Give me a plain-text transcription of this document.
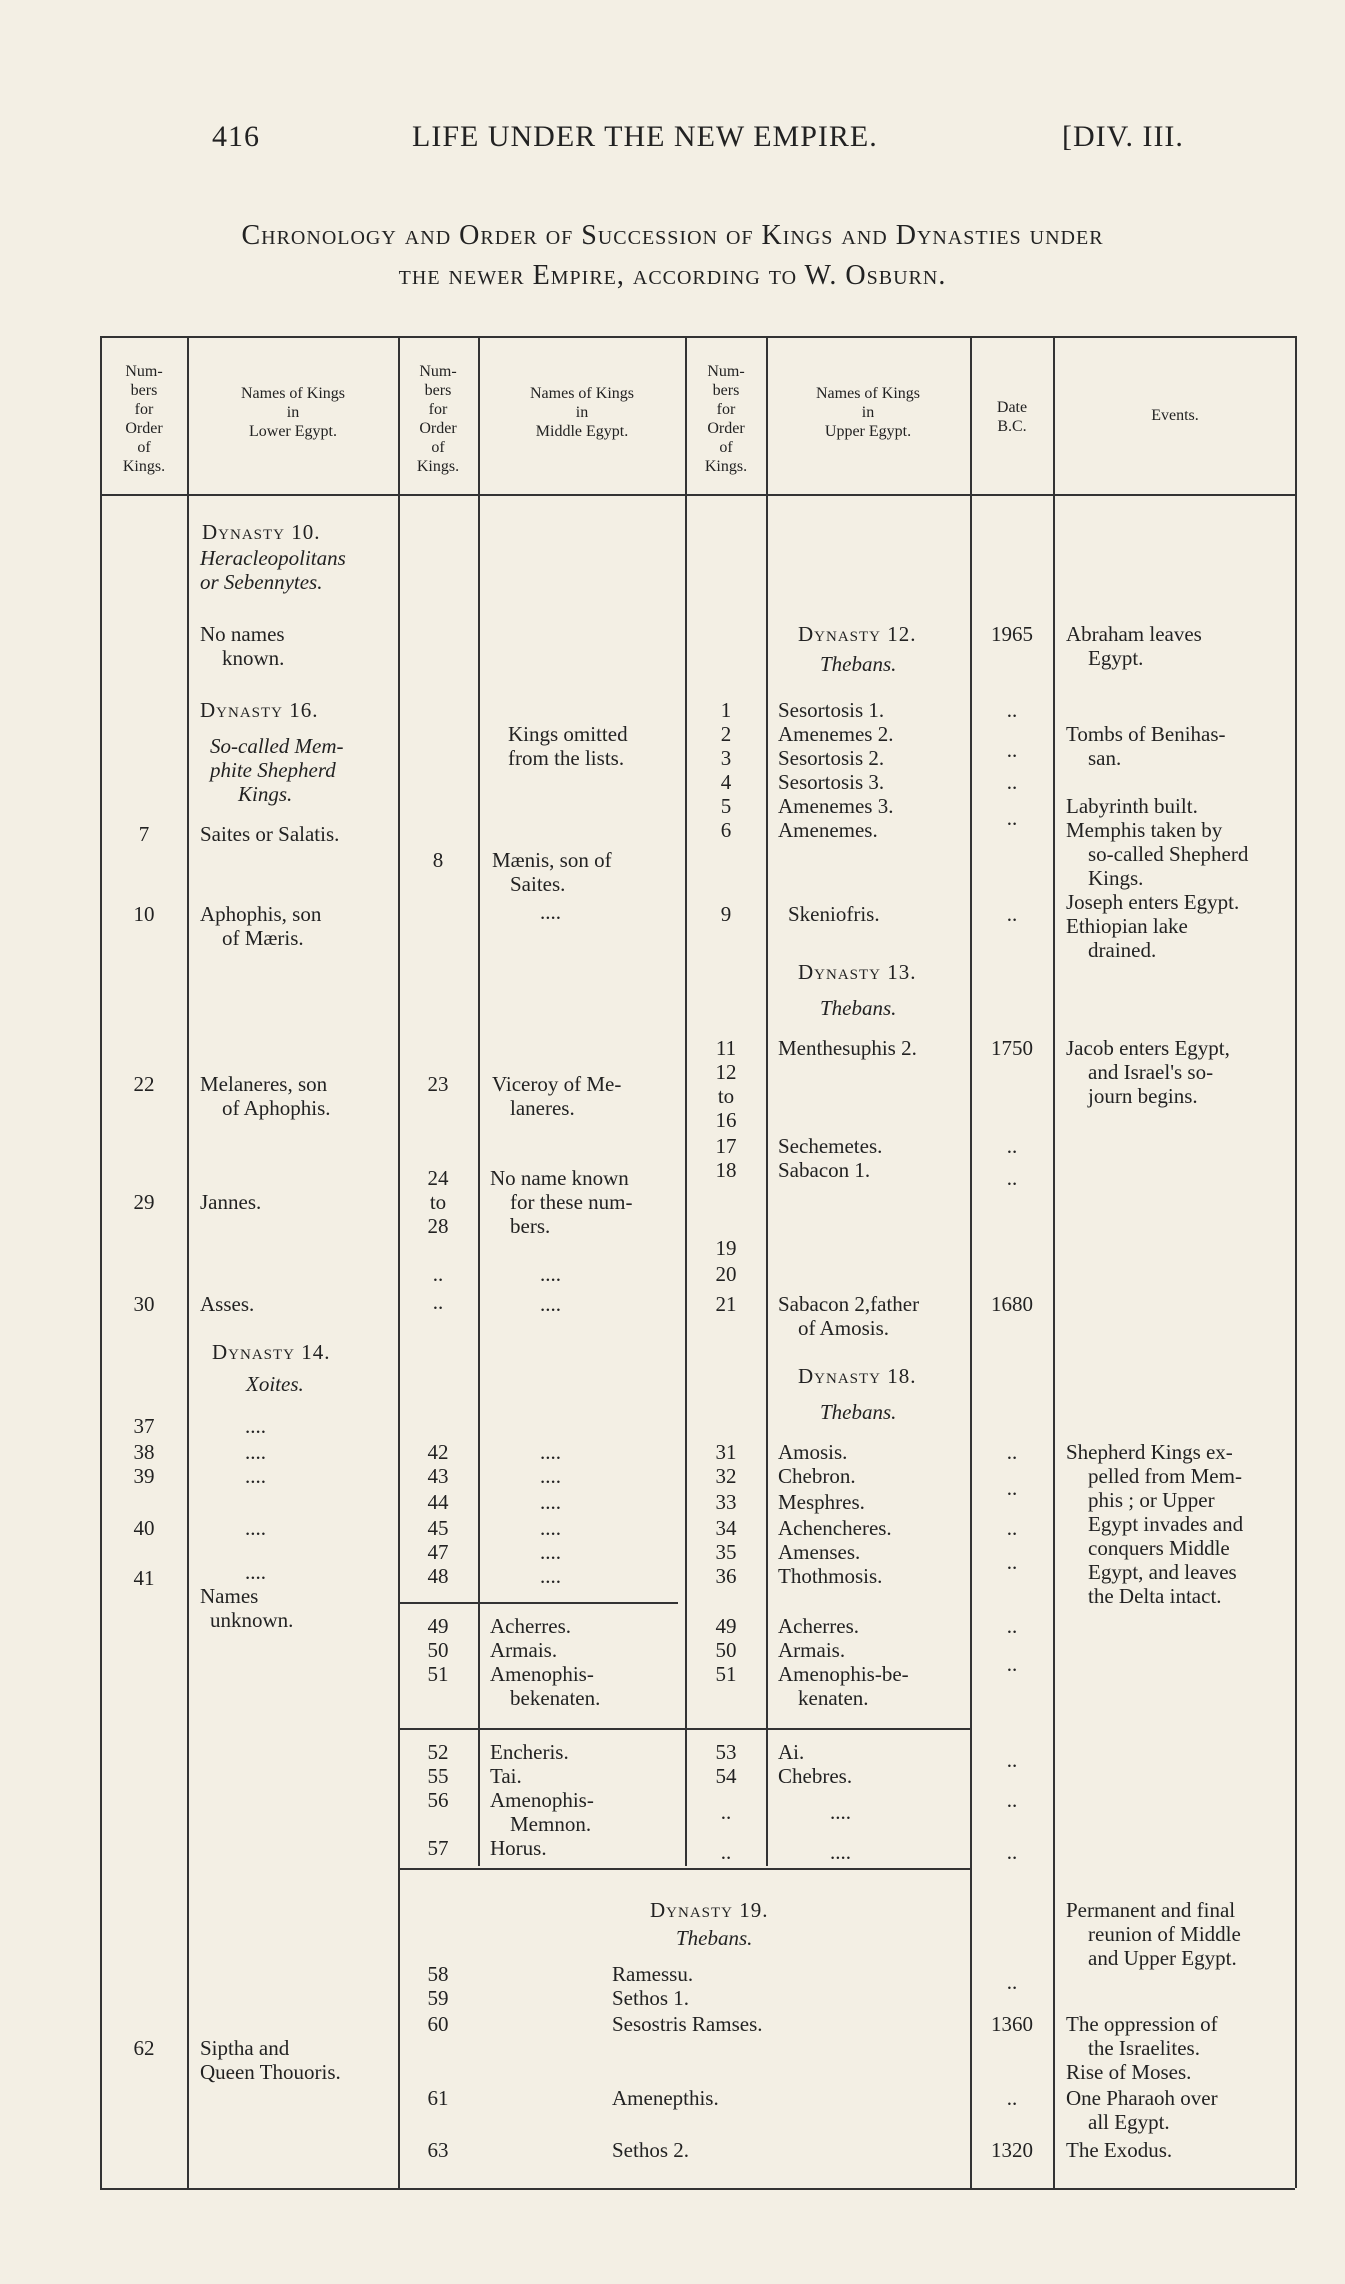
416	LIFE UNDER THE NEW EMPIRE.	[DIV. III.
Chronology and Order of Succession of Kings and Dynasties under
the newer Empire, according to W. Osburn.
Num-
bers
for
Order
of
Kings.
Names of Kings
in
Lower Egypt.
Num-
bers
for
Order
of
Kings.
Names of Kings
in
Middle Egypt.
Num-
bers
for
Order
of
Kings.
Names of Kings
in
Upper Egypt.
Date
B.C.
Events.
Dynasty 10.
Heracleopolitans
or Sebennytes.
No names
known.
Dynasty 16.
So-called Mem-
phite Shepherd
Kings.
Saites or Salatis.
Aphophis, son
of Mæris.
Melaneres, son
of Aphophis.
Jannes.
Asses.
Dynasty 14.
Xoites.
....
....
....
....
....
Names
unknown.
Siptha and
Queen Thouoris.
7
10
22
29
30
37
38
39
40
41
62
8
23
24
to
28
..
..
42
43
44
45
47
48
49
50
51
52
55
56
57
58
59
60
61
63
Kings omitted
from the lists.
Mænis, son of
Saites.
....
Viceroy of Me-
laneres.
No name known
for these num-
bers.
....
....
....
....
....
....
....
....
Acherres.
Armais.
Amenophis-
bekenaten.
Encheris.
Tai.
Amenophis-
Memnon.
Horus.
1
2
3
4
5
6
9
11
12
to
16
17
18
19
20
21
31
32
33
34
35
36
49
50
51
53
54
..
..
Dynasty 12.
Thebans.
Sesortosis 1.
Amenemes 2.
Sesortosis 2.
Sesortosis 3.
Amenemes 3.
Amenemes.
Skeniofris.
Dynasty 13.
Thebans.
Menthesuphis 2.
Sechemetes.
Sabacon 1.
Sabacon 2,father
of Amosis.
Dynasty 18.
Thebans.
Amosis.
Chebron.
Mesphres.
Achencheres.
Amenses.
Thothmosis.
Acherres.
Armais.
Amenophis-be-
kenaten.
Ai.
Chebres.
....
....
Dynasty 19.
Thebans.
Ramessu.
Sethos 1.
Sesostris Ramses.
Amenepthis.
Sethos 2.
1965
..
..
..
..
..
1750
..
..
1680
..
..
..
..
..
..
..
..
..
..
1360
..
1320
Abraham leaves
Egypt.
Tombs of Benihas-
san.
Labyrinth built.
Memphis taken by
so-called Shepherd
Kings.
Joseph enters Egypt.
Ethiopian lake
drained.
Jacob enters Egypt,
and Israel's so-
journ begins.
Shepherd Kings ex-
pelled from Mem-
phis ; or Upper
Egypt invades and
conquers Middle
Egypt, and leaves
the Delta intact.
Permanent and final
reunion of Middle
and Upper Egypt.
The oppression of
the Israelites.
Rise of Moses.
One Pharaoh over
all Egypt.
The Exodus.
